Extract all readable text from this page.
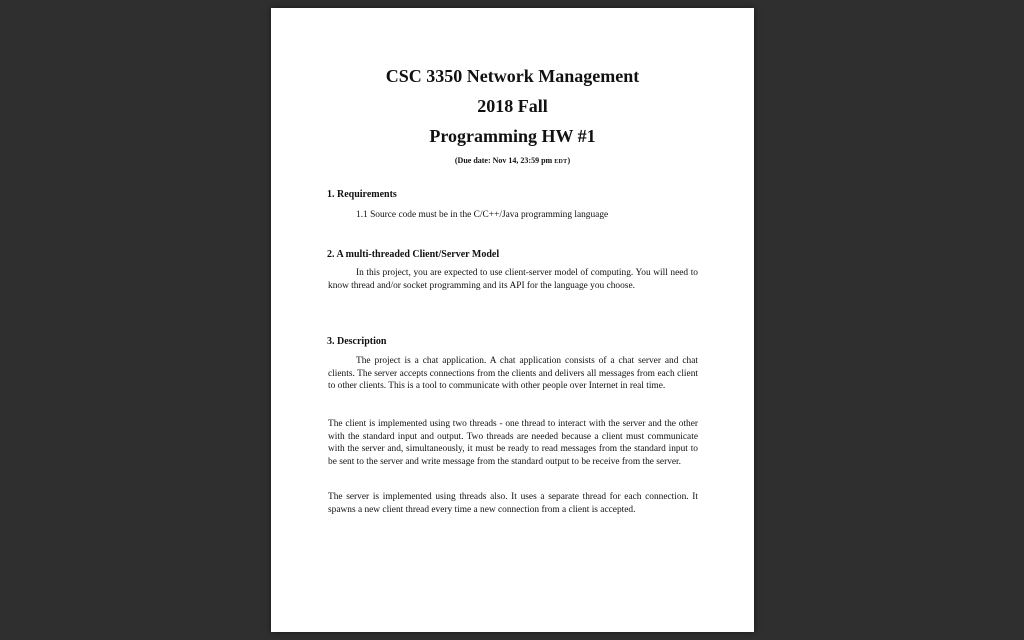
CSC 3350 Network Management
2018 Fall
Programming HW #1
(Due date: Nov 14, 23:59 pm EDT)
1. Requirements
1.1 Source code must be in the C/C++/Java programming language
2. A multi-threaded Client/Server Model

In this project, you are expected to use client-server model of computing. You will need to know thread and/or socket programming and its API for the language you choose.

3. Description

The project is a chat application. A chat application consists of a chat server and chat clients. The server accepts connections from the clients and delivers all messages from each client to other clients. This is a tool to communicate with other people over Internet in real time.

The client is implemented using two threads - one thread to interact with the server and the other with the standard input and output. Two threads are needed because a client must communicate with the server and, simultaneously, it must be ready to read messages from the standard input to be sent to the server and write message from the standard output to be receive from the server.

The server is implemented using threads also. It uses a separate thread for each connection. It spawns a new client thread every time a new connection from a client is accepted.
